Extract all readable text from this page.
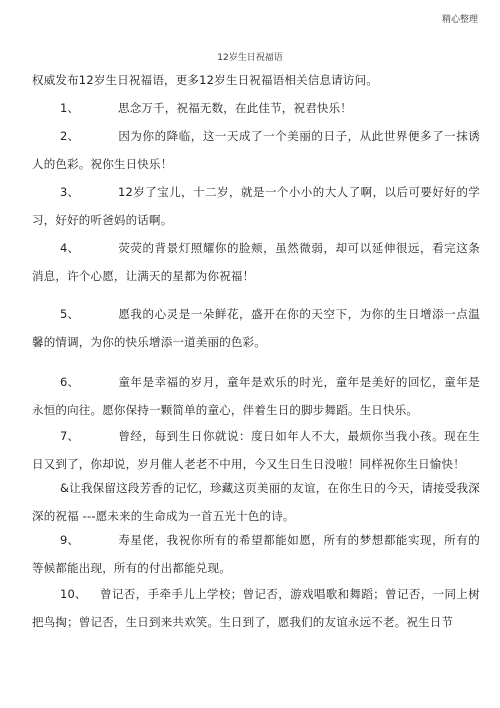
精心整理
12岁生日祝福语

权威发布12岁生日祝福语，更多12岁生日祝福语相关信息请访问。

1、	思念万千，祝福无数，在此佳节，祝君快乐！

2、	因为你的降临，这一天成了一个美丽的日子，从此世界便多了一抹诱人的色彩。祝你生日快乐！

3、	12岁了宝儿，十二岁，就是一个小小的大人了啊，以后可要好好的学习，好好的听爸妈的话啊。

4、	荧荧的背景灯照耀你的脸颊，虽然微弱，却可以延伸很远，看完这条消息，许个心愿，让满天的星都为你祝福！

5、	愿我的心灵是一朵鲜花，盛开在你的天空下，为你的生日增添一点温馨的情调，为你的快乐增添一道美丽的色彩。

6、	童年是幸福的岁月，童年是欢乐的时光，童年是美好的回忆，童年是永恒的向往。愿你保持一颗简单的童心，伴着生日的脚步舞蹈。生日快乐。

7、	曾经，每到生日你就说：度日如年人不大，最烦你当我小孩。现在生日又到了，你却说，岁月催人老老不中用，今又生日生日没啦！同样祝你生日愉快！

&让我保留这段芳香的记忆，珍藏这页美丽的友谊，在你生日的今天，请接受我深深的祝福 ---愿未来的生命成为一首五光十色的诗。

9、	寿星佬，我祝你所有的希望都能如愿，所有的梦想都能实现，所有的等候都能出现，所有的付出都能兑现。

10、 曾记否，手牵手儿上学校；曾记否，游戏唱歌和舞蹈；曾记否，一同上树把鸟掏；曾记否，生日到来共欢笑。生日到了，愿我们的友谊永远不老。祝生日节
